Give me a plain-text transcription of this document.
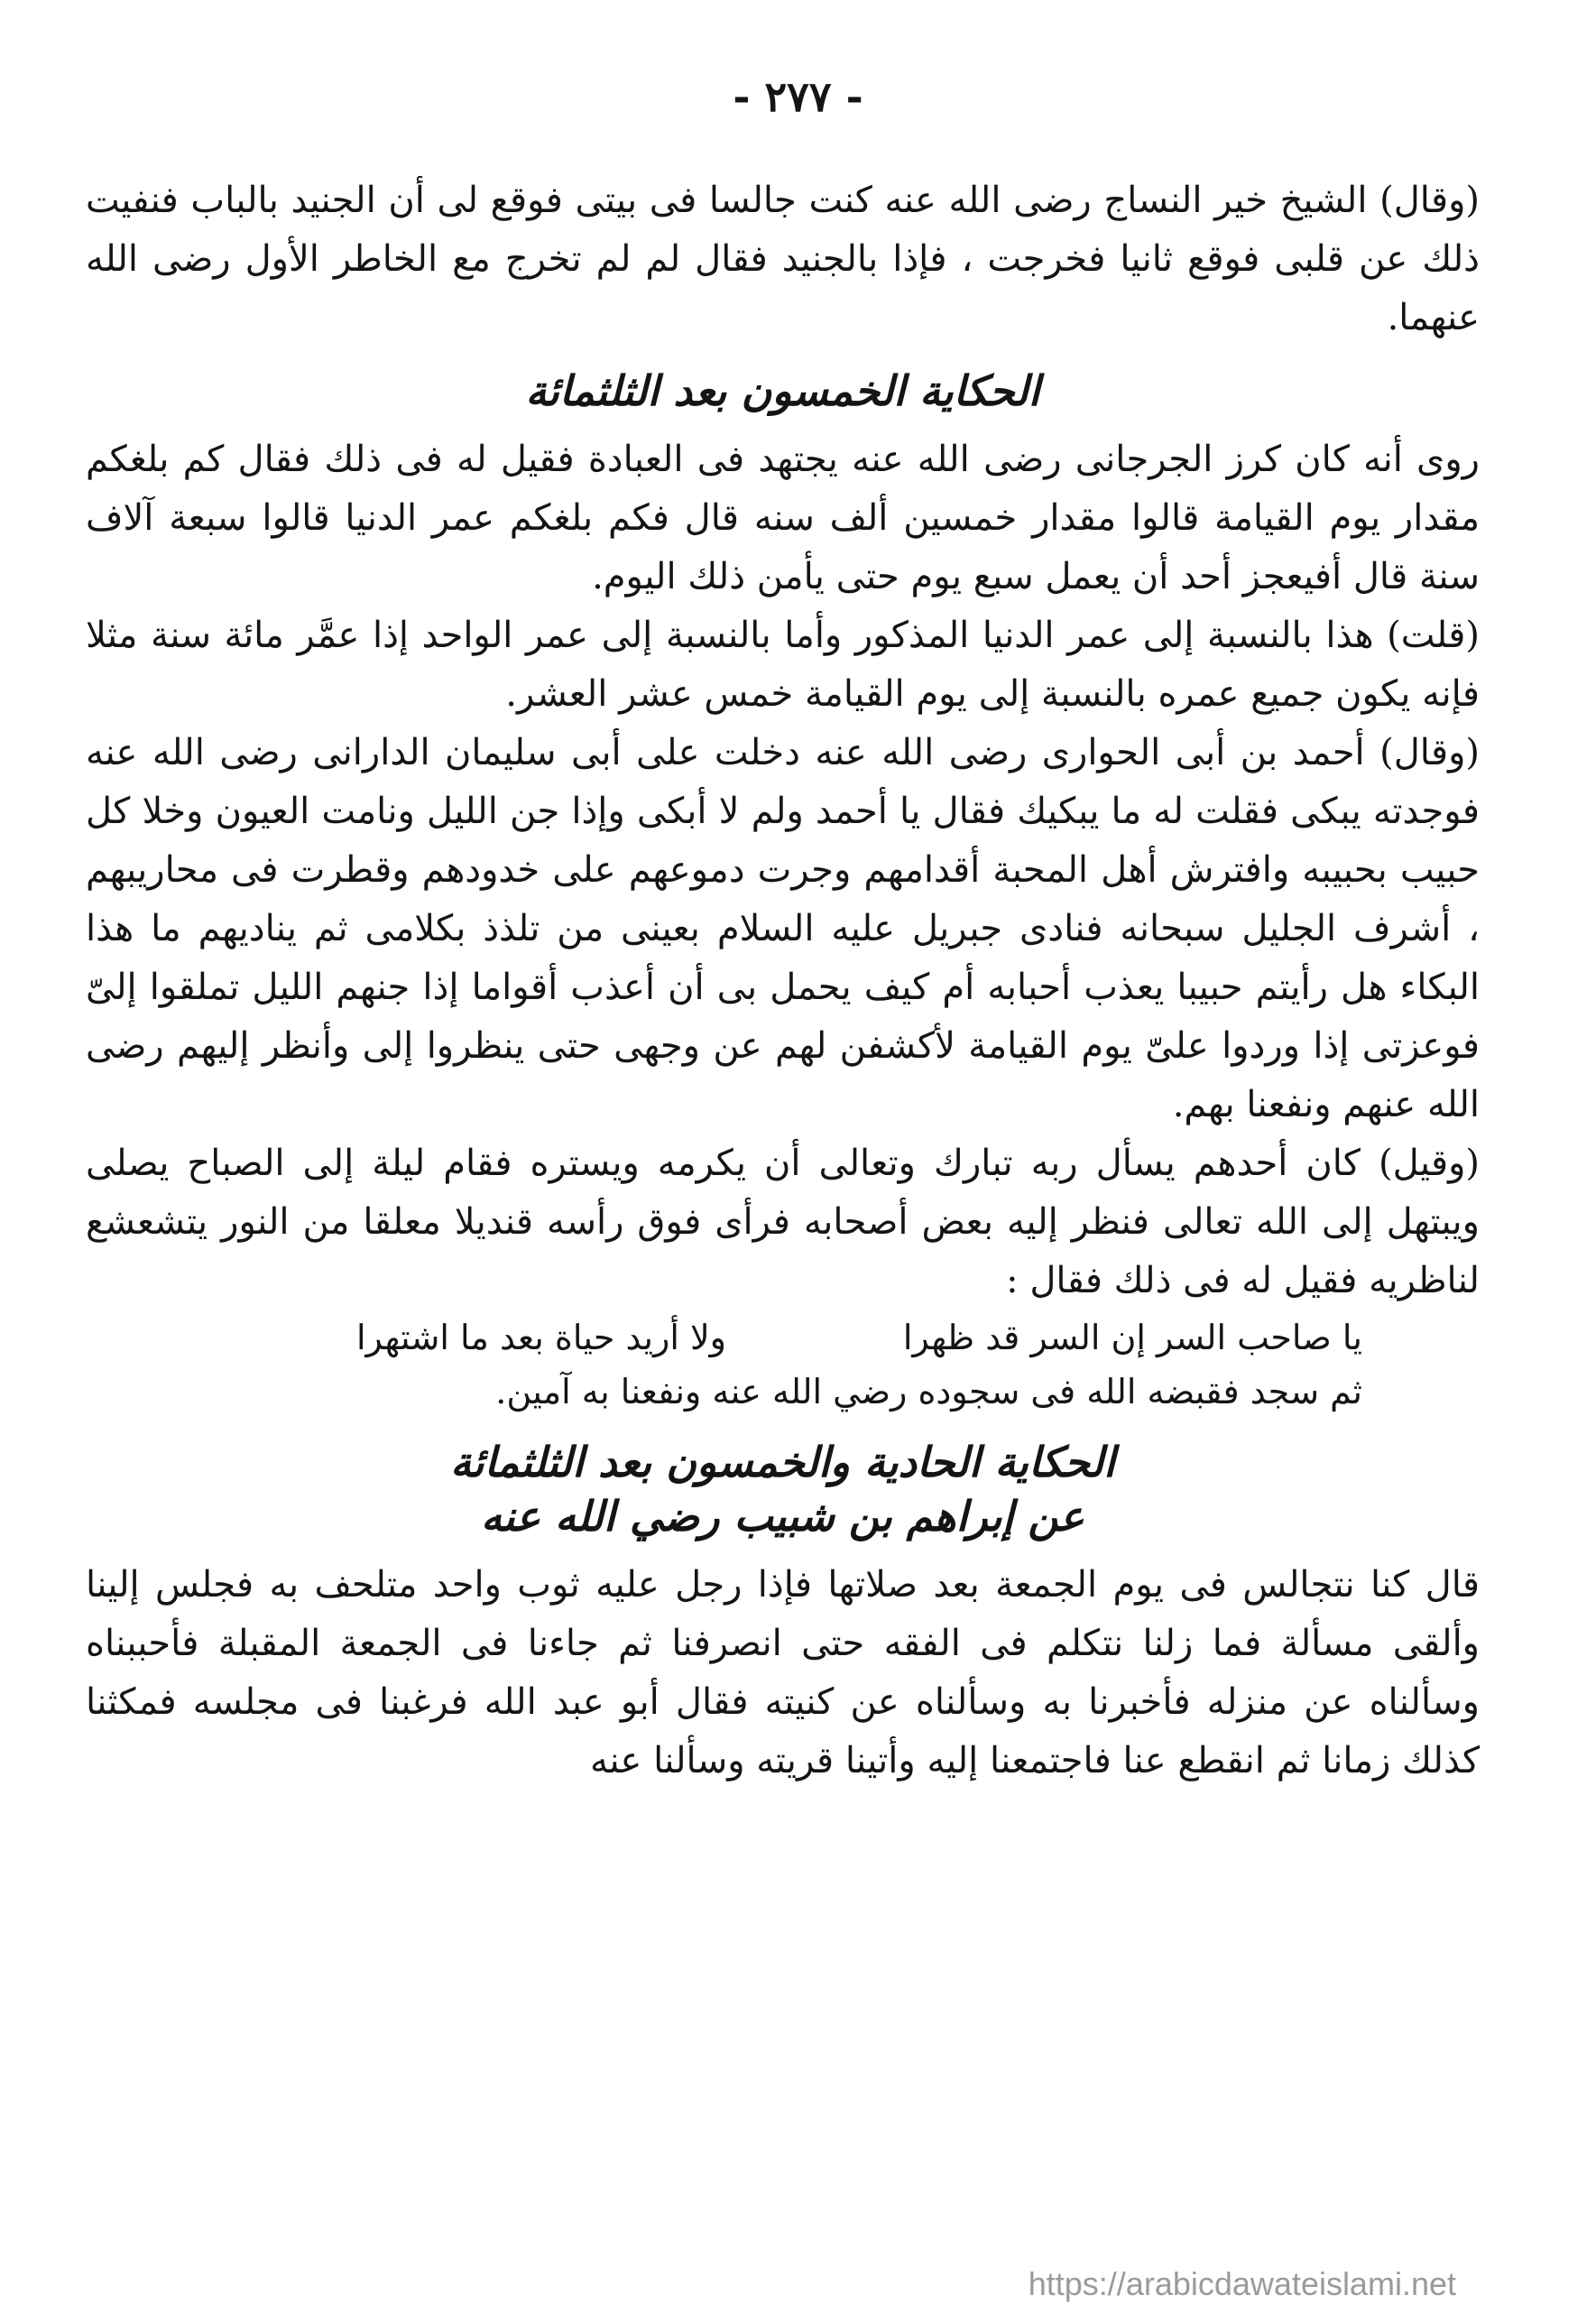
- ٢٧٧ -

(وقال) الشيخ خير النساج رضى الله عنه كنت جالسا فى بيتى فوقع لى أن الجنيد بالباب فنفيت ذلك عن قلبى فوقع ثانيا فخرجت ، فإذا بالجنيد فقال لم لم تخرج مع الخاطر الأول رضى الله عنهما.

الحكاية الخمسون بعد الثلثمائة

روى أنه كان كرز الجرجانى رضى الله عنه يجتهد فى العبادة فقيل له فى ذلك فقال كم بلغكم مقدار يوم القيامة قالوا مقدار خمسين ألف سنه قال فكم بلغكم عمر الدنيا قالوا سبعة آلاف سنة قال أفيعجز أحد أن يعمل سبع يوم حتى يأمن ذلك اليوم.

(قلت) هذا بالنسبة إلى عمر الدنيا المذكور وأما بالنسبة إلى عمر الواحد إذا عمَّر مائة سنة مثلا فإنه يكون جميع عمره بالنسبة إلى يوم القيامة خمس عشر العشر.

(وقال) أحمد بن أبى الحوارى رضى الله عنه دخلت على أبى سليمان الدارانى رضى الله عنه فوجدته يبكى فقلت له ما يبكيك فقال يا أحمد ولم لا أبكى وإذا جن الليل ونامت العيون وخلا كل حبيب بحبيبه وافترش أهل المحبة أقدامهم وجرت دموعهم على خدودهم وقطرت فى محاريبهم ، أشرف الجليل سبحانه فنادى جبريل عليه السلام بعينى من تلذذ بكلامى ثم يناديهم ما هذا البكاء هل رأيتم حبيبا يعذب أحبابه أم كيف يحمل بى أن أعذب أقواما إذا جنهم الليل تملقوا إلىّ فوعزتى إذا وردوا علىّ يوم القيامة لأكشفن لهم عن وجهى حتى ينظروا إلى وأنظر إليهم رضى الله عنهم ونفعنا بهم.

(وقيل) كان أحدهم يسأل ربه تبارك وتعالى أن يكرمه ويستره فقام ليلة إلى الصباح يصلى ويبتهل إلى الله تعالى فنظر إليه بعض أصحابه فرأى فوق رأسه قنديلا معلقا من النور يتشعشع لناظريه فقيل له فى ذلك فقال :

يا صاحب السر إن السر قد ظهرا
ولا أريد حياة بعد ما اشتهرا

ثم سجد فقبضه الله فى سجوده رضي الله عنه ونفعنا به آمين.

الحكاية الحادية والخمسون بعد الثلثمائة
عن إبراهم بن شبيب رضي الله عنه

قال كنا نتجالس فى يوم الجمعة بعد صلاتها فإذا رجل عليه ثوب واحد متلحف به فجلس إلينا وألقى مسألة فما زلنا نتكلم فى الفقه حتى انصرفنا ثم جاءنا فى الجمعة المقبلة فأحببناه وسألناه عن منزله فأخبرنا به وسألناه عن كنيته فقال أبو عبد الله فرغبنا فى مجلسه فمكثنا كذلك زمانا ثم انقطع عنا فاجتمعنا إليه وأتينا قريته وسألنا عنه

https://arabicdawateislami.net
